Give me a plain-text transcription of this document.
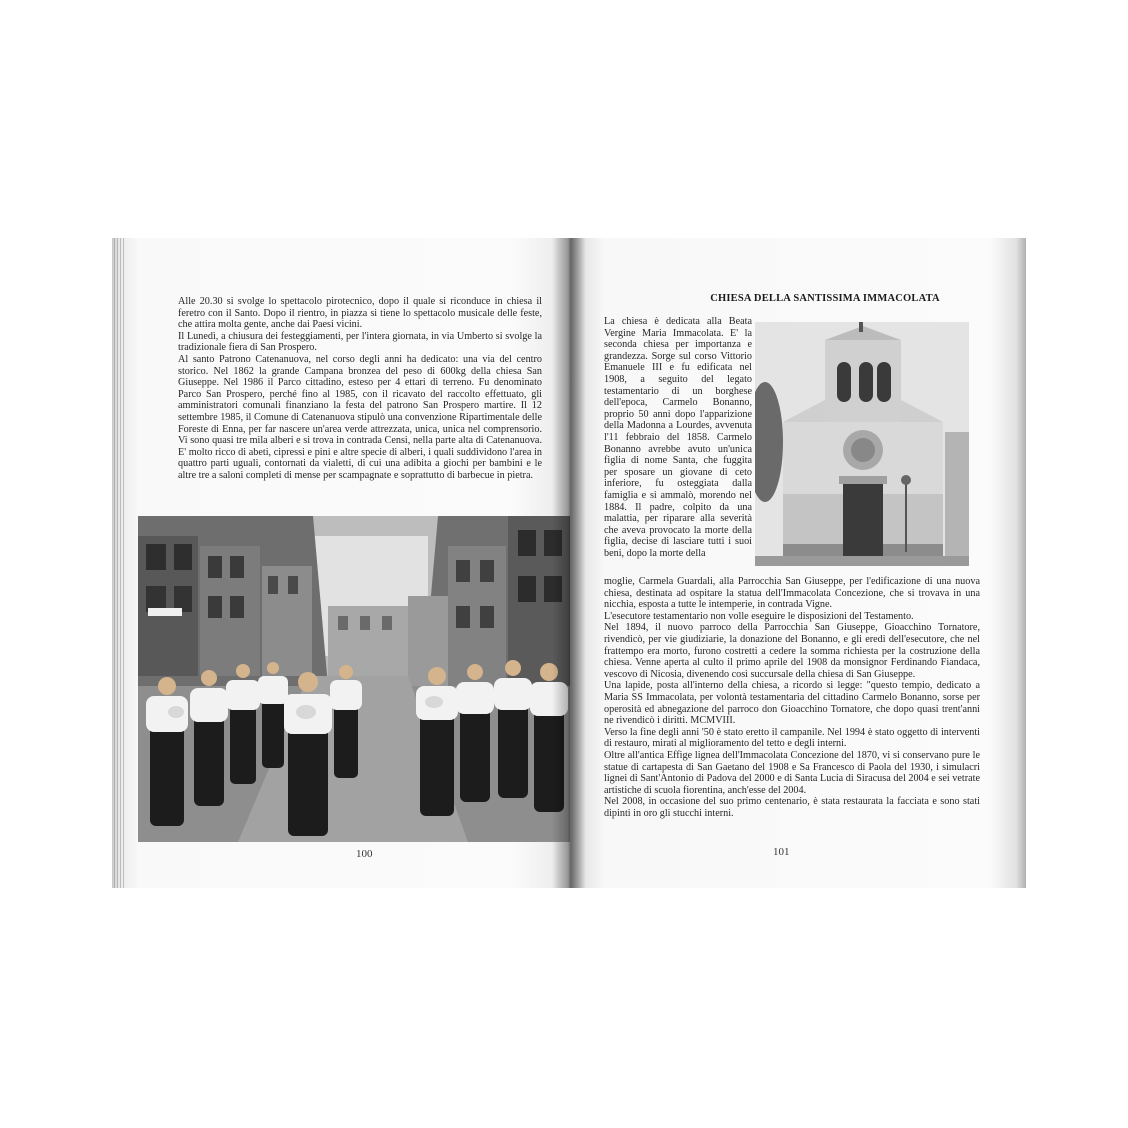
Alle 20.30 si svolge lo spettacolo pirotecnico, dopo il quale si riconduce in chiesa il feretro con il Santo. Dopo il rientro, in piazza si tiene lo spettacolo musicale delle feste, che attira molta gente, anche dai Paesi vicini.

Il Lunedì, a chiusura dei festeggiamenti, per l'intera giornata, in via Umberto si svolge la tradizionale fiera di San Prospero.

Al santo Patrono Catenanuova, nel corso degli anni ha dedicato: una via del centro storico. Nel 1862 la grande Campana bronzea del peso di 600kg della chiesa San Giuseppe. Nel 1986 il Parco cittadino, esteso per 4 ettari di terreno. Fu denominato Parco San Prospero, perché fino al 1985, con il ricavato del raccolto effettuato, gli amministratori comunali finanziano la festa del patrono San Prospero martire. Il 12 settembre 1985, il Comune di Catenanuova stipulò una convenzione Ripartimentale delle Foreste di Enna, per far nascere un'area verde attrezzata, unica, unica nel comprensorio. Vi sono quasi tre mila alberi e si trova in contrada Censi, nella parte alta di Catenanuova. E' molto ricco di abeti, cipressi e pini e altre specie di alberi, i quali suddividono l'area in quattro parti uguali, contornati da vialetti, di cui una adibita a giochi per bambini e le altre tre a saloni completi di mense per scampagnate e soprattutto di barbecue in pietra.

100
CHIESA DELLA SANTISSIMA IMMACOLATA

La chiesa è dedicata alla Beata Vergine Maria Immacolata. E' la seconda chiesa per importanza e grandezza. Sorge sul corso Vittorio Emanuele III e fu edificata nel 1908, a seguito del legato testamentario di un borghese dell'epoca, Carmelo Bonanno, proprio 50 anni dopo l'apparizione della Madonna a Lourdes, avvenuta l'11 febbraio del 1858. Carmelo Bonanno avrebbe avuto un'unica figlia di nome Santa, che fuggita per sposare un giovane di ceto inferiore, fu osteggiata dalla famiglia e si ammalò, morendo nel 1884. Il padre, colpito da una malattia, per riparare alla severità che aveva provocato la morte della figlia, decise di lasciare tutti i suoi beni, dopo la morte della

moglie, Carmela Guardali, alla Parrocchia San Giuseppe, per l'edificazione di una nuova chiesa, destinata ad ospitare la statua dell'Immacolata Concezione, che si trovava in una nicchia, esposta a tutte le intemperie, in contrada Vigne.

L'esecutore testamentario non volle eseguire le disposizioni del Testamento.

Nel 1894, il nuovo parroco della Parrocchia San Giuseppe, Gioacchino Tornatore, rivendicò, per vie giudiziarie, la donazione del Bonanno, e gli eredi dell'esecutore, che nel frattempo era morto, furono costretti a cedere la somma richiesta per la costruzione della chiesa. Venne aperta al culto il primo aprile del 1908 da monsignor Ferdinando Fiandaca, vescovo di Nicosia, divenendo così succursale della chiesa di San Giuseppe.

Una lapide, posta all'interno della chiesa, a ricordo si legge: "questo tempio, dedicato a Maria SS Immacolata, per volontà testamentaria del cittadino Carmelo Bonanno, sorse per operosità ed abnegazione del parroco don Gioacchino Tornatore, che dopo quasi trent'anni ne rivendicò i diritti. MCMVIII.

Verso la fine degli anni '50 è stato eretto il campanile. Nel 1994 è stato oggetto di interventi di restauro, mirati al miglioramento del tetto e degli interni.

Oltre all'antica Effige lignea dell'Immacolata Concezione del 1870, vi si conservano pure le statue di cartapesta di San Gaetano del 1908 e Sa Francesco di Paola del 1930, i simulacri lignei di Sant'Antonio di Padova del 2000 e di Santa Lucia di Siracusa del 2004 e sei vetrate artistiche di scuola fiorentina, anch'esse del 2004.

Nel 2008, in occasione del suo primo centenario, è stata restaurata la facciata e sono stati dipinti in oro gli stucchi interni.

101
